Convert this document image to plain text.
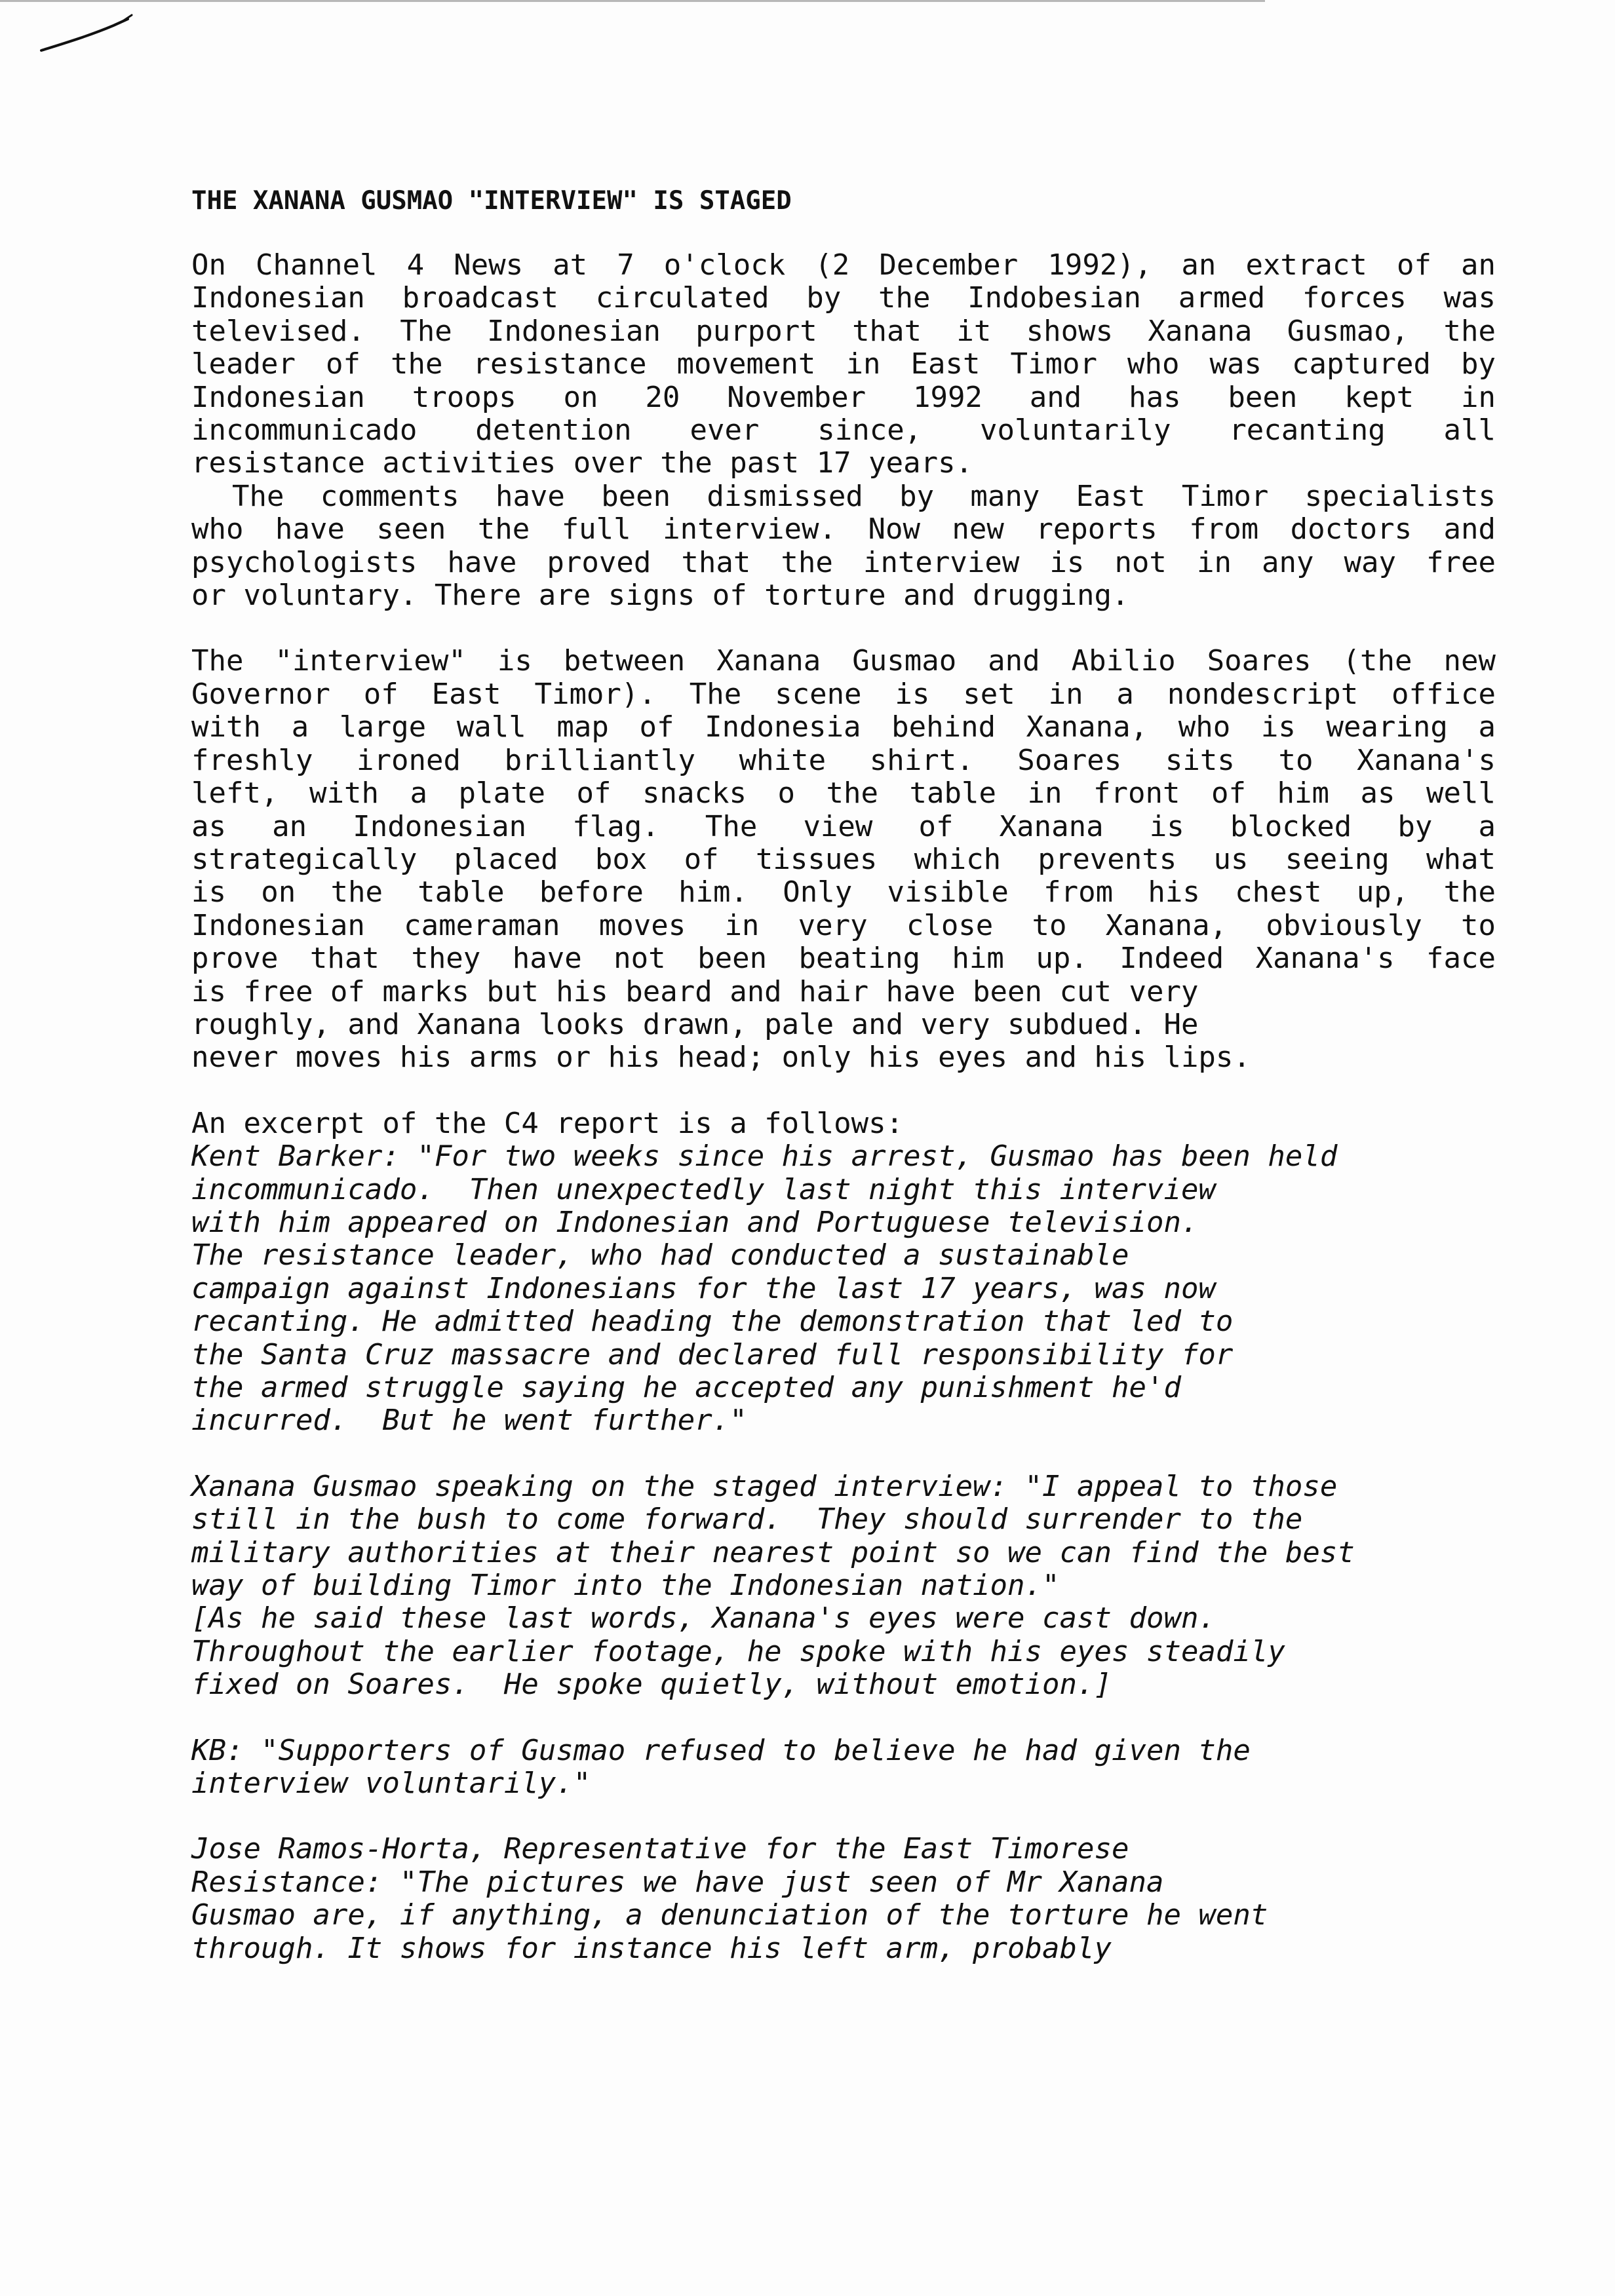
THE XANANA GUSMAO "INTERVIEW" IS STAGED
On Channel 4 News at 7 o'clock (2 December 1992), an extract of an
Indonesian broadcast circulated by the Indobesian armed forces was
televised. The Indonesian purport that it shows Xanana Gusmao, the
leader of the resistance movement in East Timor who was captured by
Indonesian troops on 20 November 1992 and has been kept in
incommunicado detention ever since, voluntarily recanting all
resistance activities over the past 17 years.
The comments have been dismissed by many East Timor specialists
who have seen the full interview. Now new reports from doctors and
psychologists have proved that the interview is not in any way free
or voluntary. There are signs of torture and drugging.
The "interview" is between Xanana Gusmao and Abilio Soares (the new
Governor of East Timor). The scene is set in a nondescript office
with a large wall map of Indonesia behind Xanana, who is wearing a
freshly ironed brilliantly white shirt. Soares sits to Xanana's
left, with a plate of snacks o the table in front of him as well
as an Indonesian flag. The view of Xanana is blocked by a
strategically placed box of tissues which prevents us seeing what
is on the table before him. Only visible from his chest up, the
Indonesian cameraman moves in very close to Xanana, obviously to
prove that they have not been beating him up. Indeed Xanana's face
is free of marks but his beard and hair have been cut very
roughly, and Xanana looks drawn, pale and very subdued. He
never moves his arms or his head; only his eyes and his lips.
An excerpt of the C4 report is a follows:
Kent Barker: "For two weeks since his arrest, Gusmao has been held
incommunicado.  Then unexpectedly last night this interview
with him appeared on Indonesian and Portuguese television.
The resistance leader, who had conducted a sustainable
campaign against Indonesians for the last 17 years, was now
recanting. He admitted heading the demonstration that led to
the Santa Cruz massacre and declared full responsibility for
the armed struggle saying he accepted any punishment he'd
incurred.  But he went further."
Xanana Gusmao speaking on the staged interview: "I appeal to those
still in the bush to come forward.  They should surrender to the
military authorities at their nearest point so we can find the best
way of building Timor into the Indonesian nation."
[As he said these last words, Xanana's eyes were cast down.
Throughout the earlier footage, he spoke with his eyes steadily
fixed on Soares.  He spoke quietly, without emotion.]
KB: "Supporters of Gusmao refused to believe he had given the
interview voluntarily."
Jose Ramos-Horta, Representative for the East Timorese
Resistance: "The pictures we have just seen of Mr Xanana
Gusmao are, if anything, a denunciation of the torture he went
through. It shows for instance his left arm, probably
